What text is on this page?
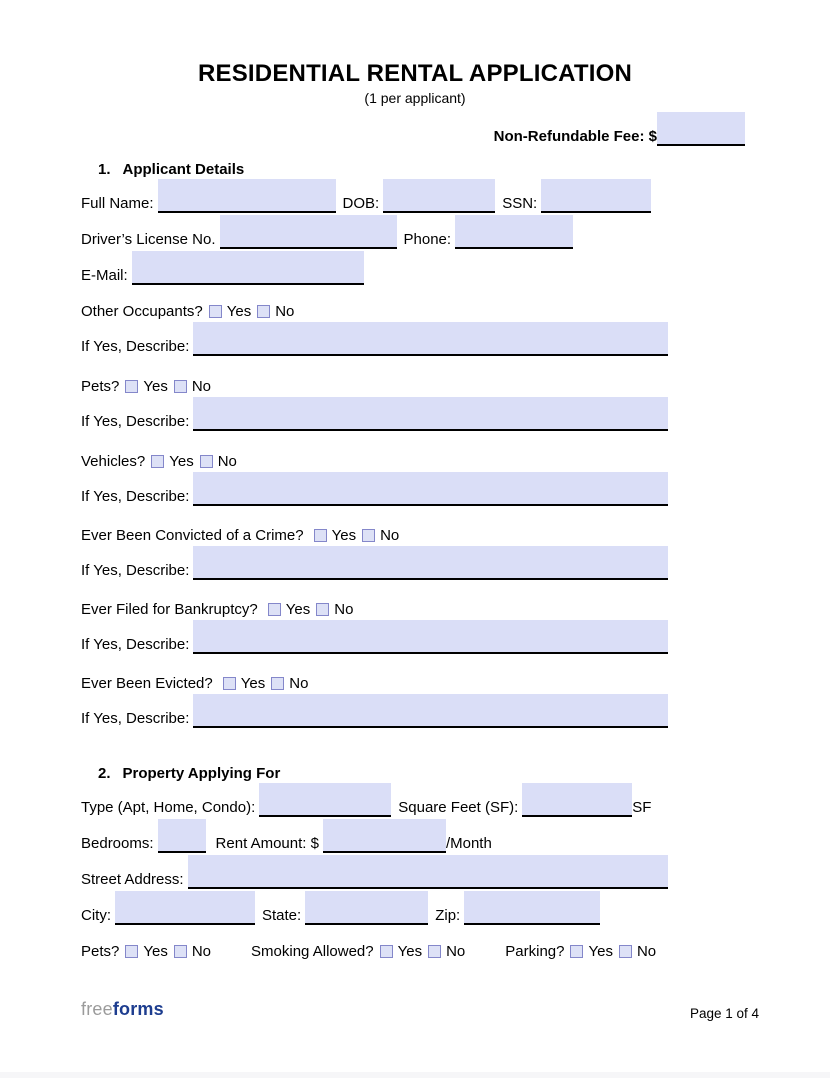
RESIDENTIAL RENTAL APPLICATION
(1 per applicant)
Non-Refundable Fee: $
1. Applicant Details
Full Name:	DOB:	SSN:
Driver’s License No.	Phone:
E-Mail:
Other Occupants? Yes No
If Yes, Describe:
Pets? Yes No
If Yes, Describe:
Vehicles? Yes No
If Yes, Describe:
Ever Been Convicted of a Crime? Yes No
If Yes, Describe:
Ever Filed for Bankruptcy? Yes No
If Yes, Describe:
Ever Been Evicted? Yes No
If Yes, Describe:
2. Property Applying For
Type (Apt, Home, Condo):	Square Feet (SF):	SF
Bedrooms:	Rent Amount: $	/Month
Street Address:
City:	State:	Zip:
Pets? Yes No	Smoking Allowed? Yes No	Parking? Yes No
freeforms	Page 1 of 4
